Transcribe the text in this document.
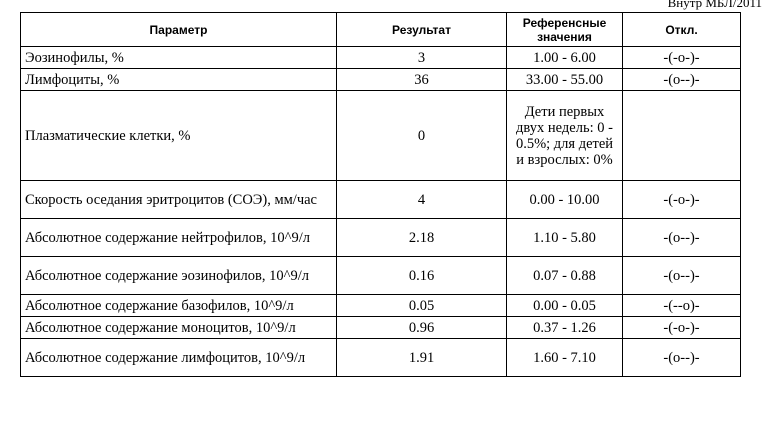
Внутр МБЛ/2011
Параметр	Результат	Референсные значения	Откл.
Эозинофилы, %	3	1.00 - 6.00	-(-o-)-
Лимфоциты, %	36	33.00 - 55.00	-(o--)-
Плазматические клетки, %	0	Дети первых двух недель: 0 - 0.5%; для детей и взрослых: 0%	
Скорость оседания эритроцитов (СОЭ), мм/час	4	0.00 - 10.00	-(-o-)-
Абсолютное содержание нейтрофилов, 10^9/л	2.18	1.10 - 5.80	-(o--)-
Абсолютное содержание эозинофилов, 10^9/л	0.16	0.07 - 0.88	-(o--)-
Абсолютное содержание базофилов, 10^9/л	0.05	0.00 - 0.05	-(--o)-
Абсолютное содержание моноцитов, 10^9/л	0.96	0.37 - 1.26	-(-o-)-
Абсолютное содержание лимфоцитов, 10^9/л	1.91	1.60 - 7.10	-(o--)-
